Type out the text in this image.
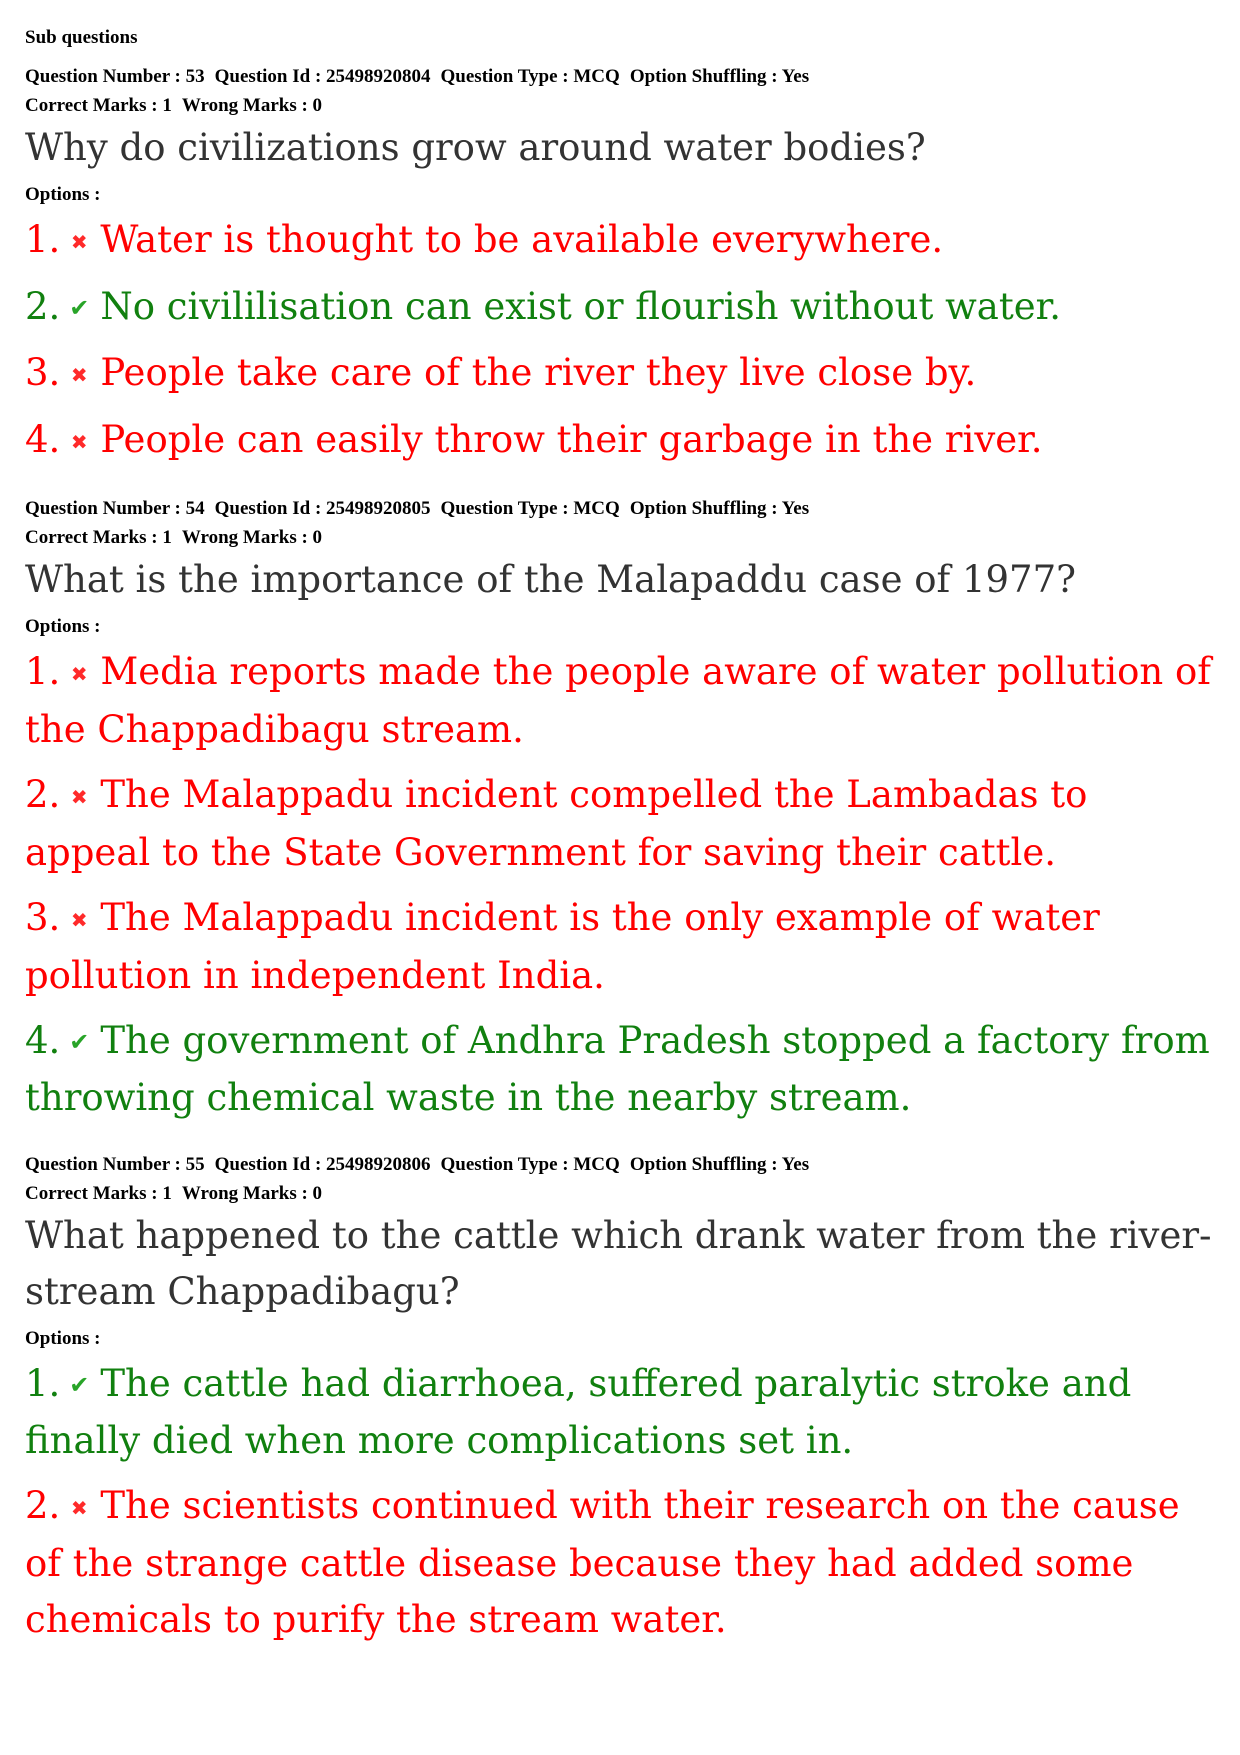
Sub questions
Question Number : 53 Question Id : 25498920804 Question Type : MCQ Option Shuffling : Yes
Correct Marks : 1 Wrong Marks : 0
Why do civilizations grow around water bodies?
Options :
1. ✖ Water is thought to be available everywhere.
2. ✔ No civililisation can exist or flourish without water.
3. ✖ People take care of the river they live close by.
4. ✖ People can easily throw their garbage in the river.
Question Number : 54 Question Id : 25498920805 Question Type : MCQ Option Shuffling : Yes
Correct Marks : 1 Wrong Marks : 0
What is the importance of the Malapaddu case of 1977?
Options :
1. ✖ Media reports made the people aware of water pollution of the Chappadibagu stream.
2. ✖ The Malappadu incident compelled the Lambadas to appeal to the State Government for saving their cattle.
3. ✖ The Malappadu incident is the only example of water pollution in independent India.
4. ✔ The government of Andhra Pradesh stopped a factory from throwing chemical waste in the nearby stream.
Question Number : 55 Question Id : 25498920806 Question Type : MCQ Option Shuffling : Yes
Correct Marks : 1 Wrong Marks : 0
What happened to the cattle which drank water from the river-stream Chappadibagu?
Options :
1. ✔ The cattle had diarrhoea, suffered paralytic stroke and finally died when more complications set in.
2. ✖ The scientists continued with their research on the cause of the strange cattle disease because they had added some chemicals to purify the stream water.
